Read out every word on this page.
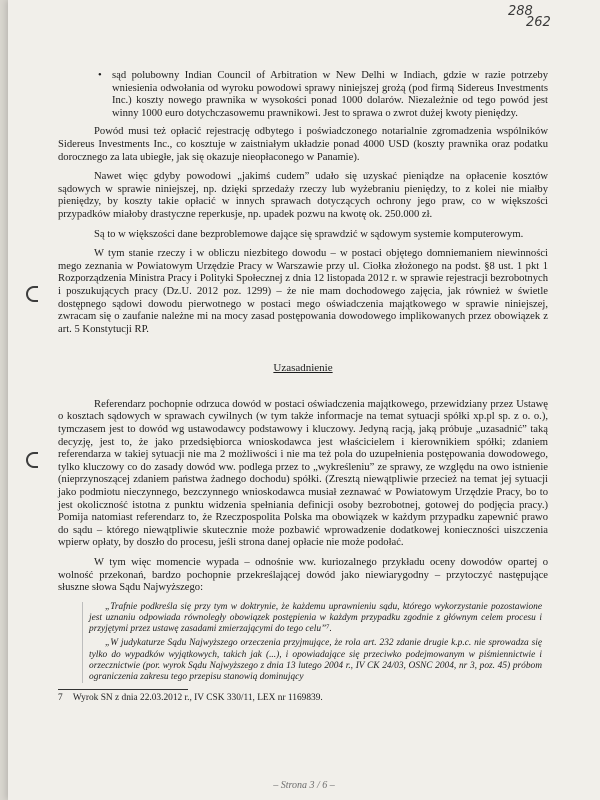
288
262
• sąd polubowny Indian Council of Arbitration w New Delhi w Indiach, gdzie w razie potrzeby wniesienia odwołania od wyroku powodowi sprawy niniejszej grożą (pod firmą Sidereus Investments Inc.) koszty nowego prawnika w wysokości ponad 1000 dolarów. Niezależnie od tego powód jest winny 1000 euro dotychczasowemu prawnikowi. Jest to sprawa o zwrot dużej kwoty pieniędzy.

Powód musi też opłacić rejestrację odbytego i poświadczonego notarialnie zgromadzenia wspólników Sidereus Investments Inc., co kosztuje w zaistniałym układzie ponad 4000 USD (koszty prawnika oraz podatku dorocznego za lata ubiegłe, jak się okazuje nieopłaconego w Panamie).

Nawet więc gdyby powodowi „jakimś cudem” udało się uzyskać pieniądze na opłacenie kosztów sądowych w sprawie niniejszej, np. dzięki sprzedaży rzeczy lub wyżebraniu pieniędzy, to z kolei nie miałby pieniędzy, by koszty takie opłacić w innych sprawach dotyczących ochrony jego praw, co w większości przypadków miałoby drastyczne reperkusje, np. upadek pozwu na kwotę ok. 250.000 zł.

Są to w większości dane bezproblemowe dające się sprawdzić w sądowym systemie komputerowym.

W tym stanie rzeczy i w obliczu niezbitego dowodu – w postaci objętego domniemaniem niewinności mego zeznania w Powiatowym Urzędzie Pracy w Warszawie przy ul. Ciołka złożonego na podst. §8 ust. 1 pkt 1 Rozporządzenia Ministra Pracy i Polityki Społecznej z dnia 12 listopada 2012 r. w sprawie rejestracji bezrobotnych i poszukujących pracy (Dz.U. 2012 poz. 1299) – że nie mam dochodowego zajęcia, jak również w świetle dostępnego sądowi dowodu pierwotnego w postaci mego oświadczenia majątkowego w sprawie niniejszej, zwracam się o zaufanie należne mi na mocy zasad postępowania dowodowego implikowanych przez obowiązek z art. 5 Konstytucji RP.

Uzasadnienie

Referendarz pochopnie odrzuca dowód w postaci oświadczenia majątkowego, przewidziany przez Ustawę o kosztach sądowych w sprawach cywilnych (w tym także informacje na temat sytuacji spółki xp.pl sp. z o. o.), tymczasem jest to dowód wg ustawodawcy podstawowy i kluczowy. Jedyną racją, jaką próbuje „uzasadnić” taką decyzję, jest to, że jako przedsiębiorca wnioskodawca jest właścicielem i kierownikiem spółki; zdaniem referendarza w takiej sytuacji nie ma 2 możliwości i nie ma też pola do uzupełnienia postępowania dowodowego, tylko kluczowy co do zasady dowód ww. podlega przez to „wykreśleniu” ze sprawy, ze względu na owo istnienie (nieprzynoszącej zdaniem państwa żadnego dochodu) spółki. (Zresztą niewątpliwie przecież na temat jej sytuacji jako podmiotu nieczynnego, bezczynnego wnioskodawca musiał zeznawać w Powiatowym Urzędzie Pracy, bo to jest okoliczność istotna z punktu widzenia spełniania definicji osoby bezrobotnej, gotowej do podjęcia pracy.) Pomija natomiast referendarz to, że Rzeczpospolita Polska ma obowiązek w każdym przypadku zapewnić prawo do sądu – którego niewątpliwie skutecznie może pozbawić wprowadzenie dodatkowej konieczności uiszczenia wpierw opłaty, by doszło do procesu, jeśli strona danej opłacie nie może podołać.

W tym więc momencie wypada – odnośnie ww. kuriozalnego przykładu oceny dowodów opartej o wolność przekonań, bardzo pochopnie przekreślającej dowód jako niewiarygodny – przytoczyć następujące słuszne słowa Sądu Najwyższego:

„Trafnie podkreśla się przy tym w doktrynie, że każdemu uprawnieniu sądu, którego wykorzystanie pozostawione jest uznaniu odpowiada równoległy obowiązek postępienia w każdym przypadku zgodnie z głównym celem procesu i przyjętymi przez ustawę zasadami zmierzającymi do tego celu”⁷.
„W judykaturze Sądu Najwyższego orzeczenia przyjmujące, że rola art. 232 zdanie drugie k.p.c. nie sprowadza się tylko do wypadków wyjątkowych, takich jak (...), i opowiadające się przeciwko podejmowanym w piśmiennictwie i orzecznictwie (por. wyrok Sądu Najwyższego z dnia 13 lutego 2004 r., IV CK 24/03, OSNC 2004, nr 3, poz. 45) próbom ograniczenia zakresu tego przepisu stanowią dominujący
7 Wyrok SN z dnia 22.03.2012 r., IV CSK 330/11, LEX nr 1169839.
– Strona 3 / 6 –
